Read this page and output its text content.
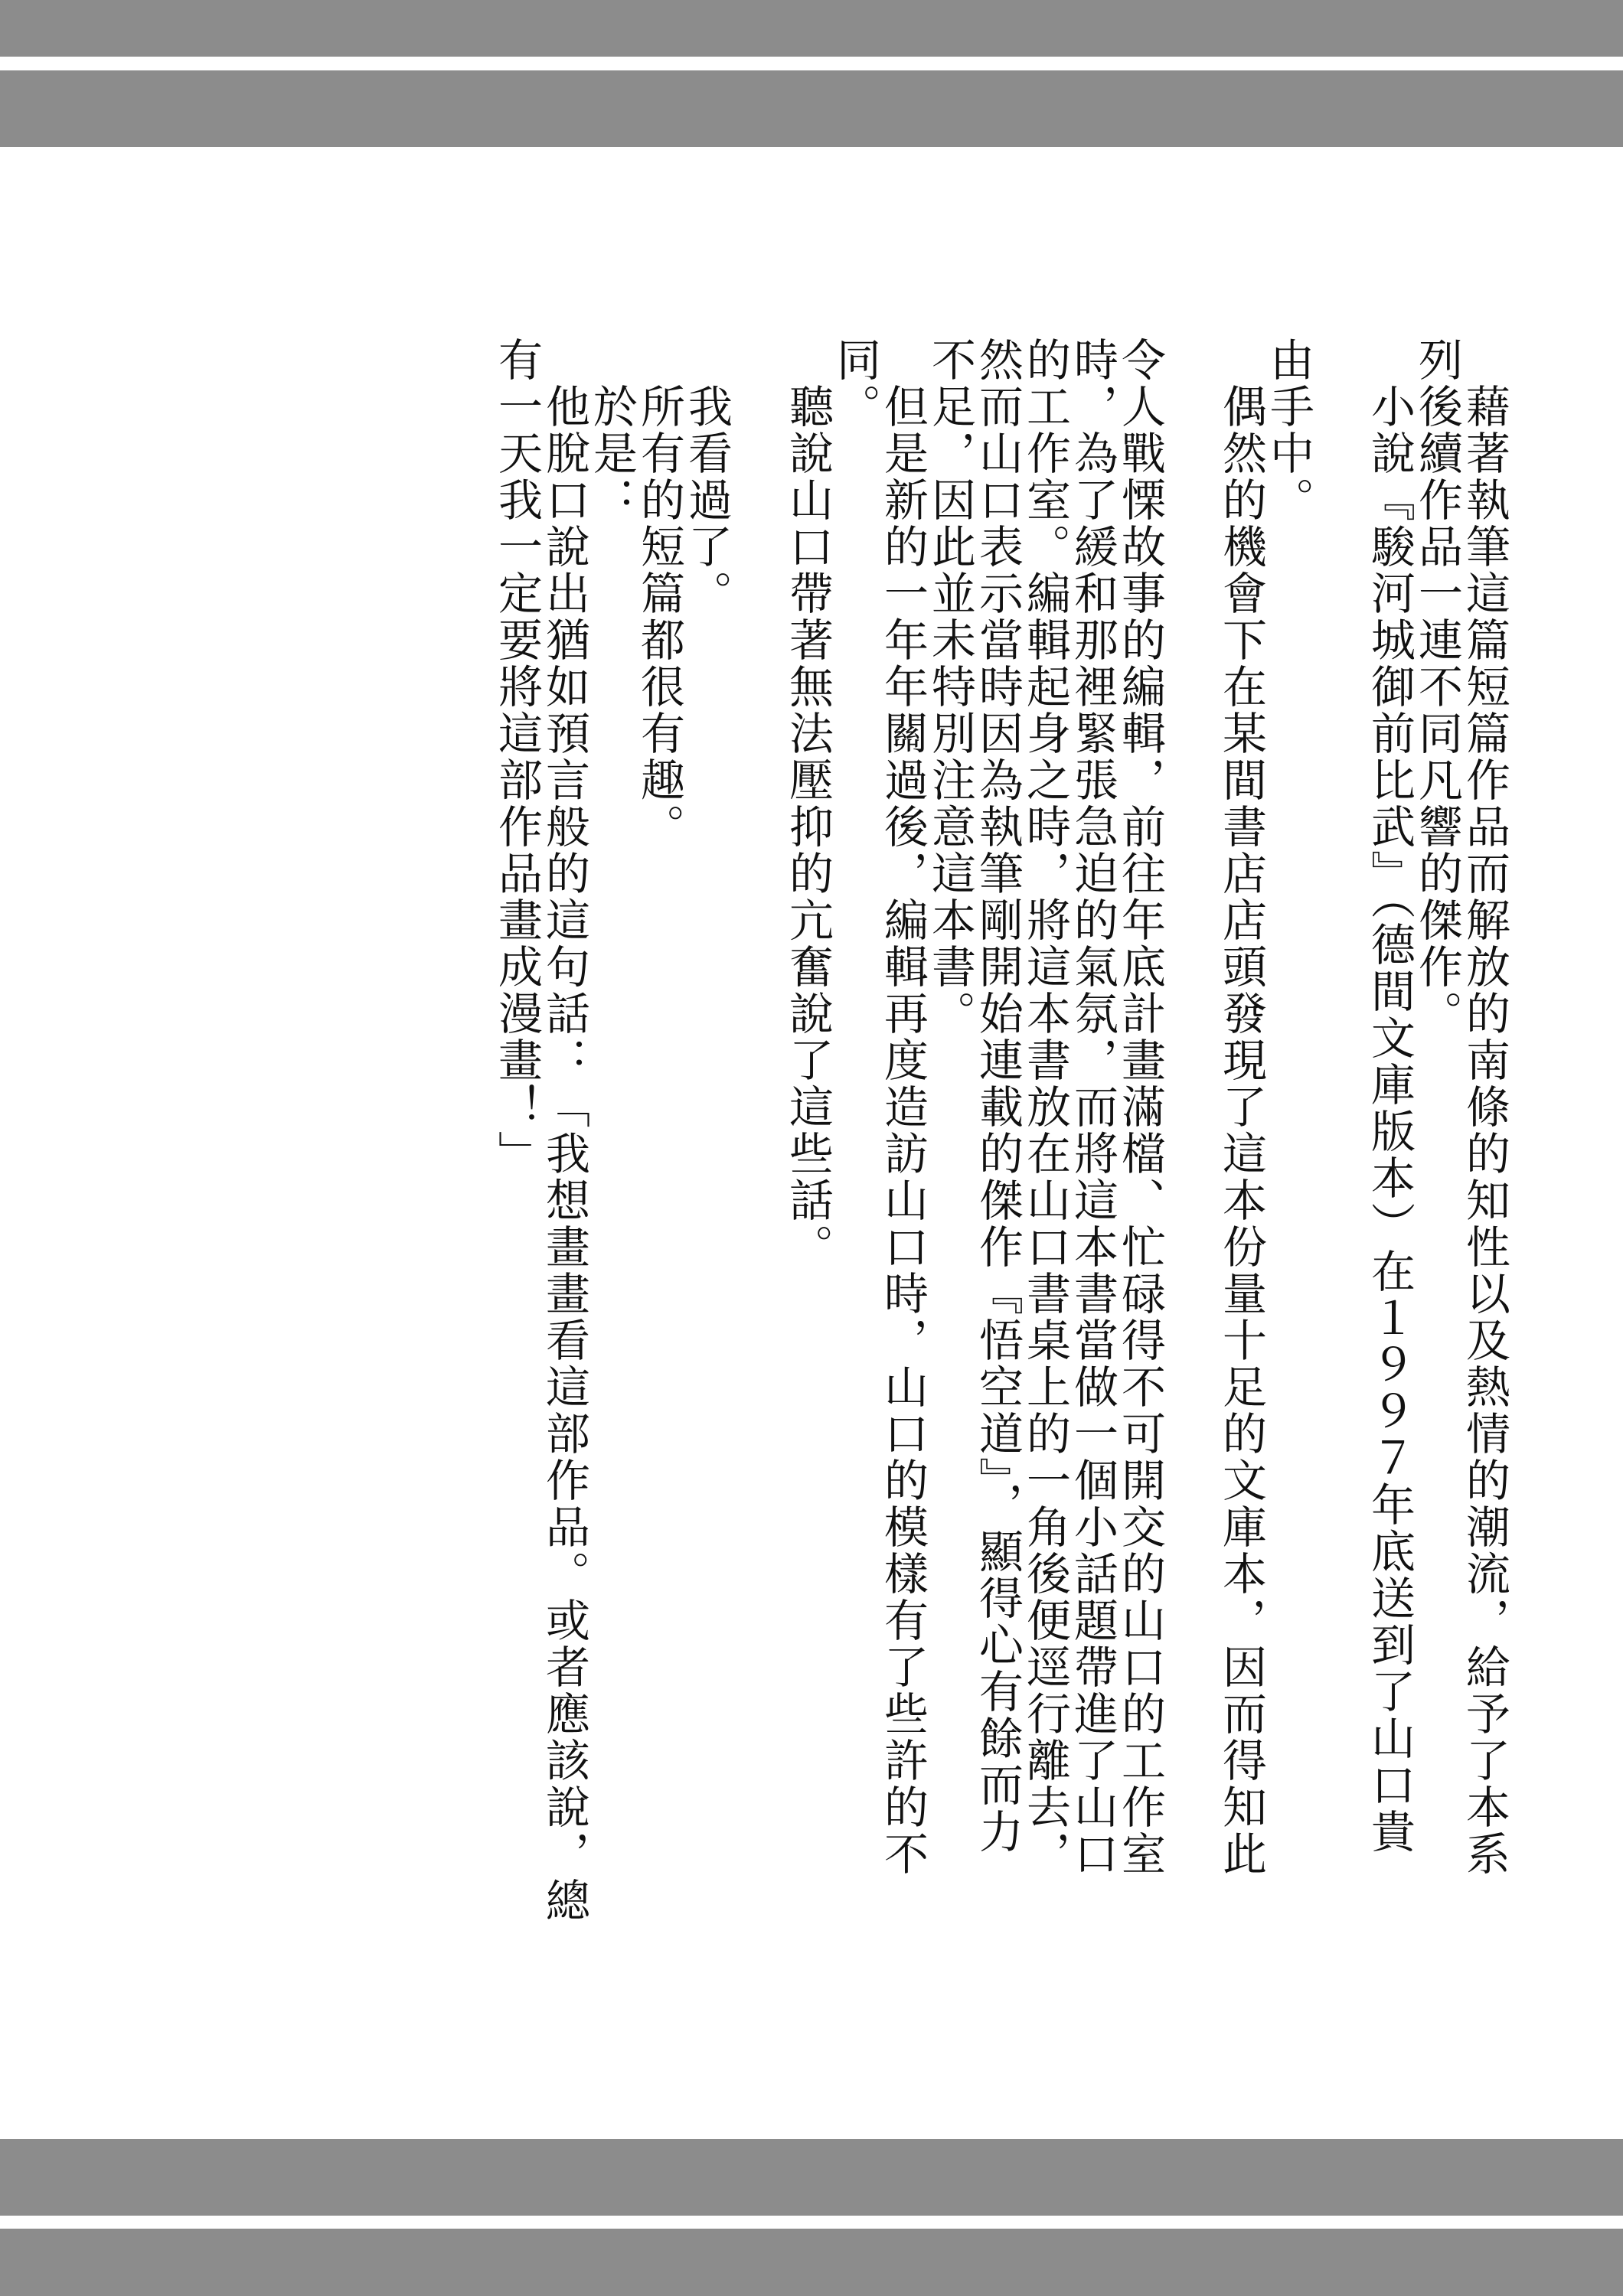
　藉著執筆這篇短篇作品而解放的南條的知性以及熱情的潮流，給予了本系

列後續作品一連不同凡響的傑作。

　小說『駿河城御前比武』（德間文庫版本）在１９９７年底送到了山口貴

由手中。

　偶然的機會下在某間書店店頭發現了這本份量十足的文庫本，因而得知此

令人戰慄故事的編輯，前往年底計畫滿檔、忙碌得不可開交的山口的工作室

時，為了緩和那裡緊張急迫的氣氛，而將這本書當做一個小話題帶進了山口

的工作室。編輯起身之時，將這本書放在山口書桌上的一角後便逕行離去，

然而山口表示當時因為執筆剛開始連載的傑作『悟空道』，顯得心有餘而力

不足，因此並未特別注意這本書。

　但是新的一年年關過後，編輯再度造訪山口時，山口的模樣有了些許的不

同。

　聽說山口帶著無法壓抑的亢奮說了這些話。

　我看過了。

　所有的短篇都很有趣。

　於是：

　他脫口說出猶如預言般的這句話：「我想畫畫看這部作品。或者應該說，總

有一天我一定要將這部作品畫成漫畫！」
